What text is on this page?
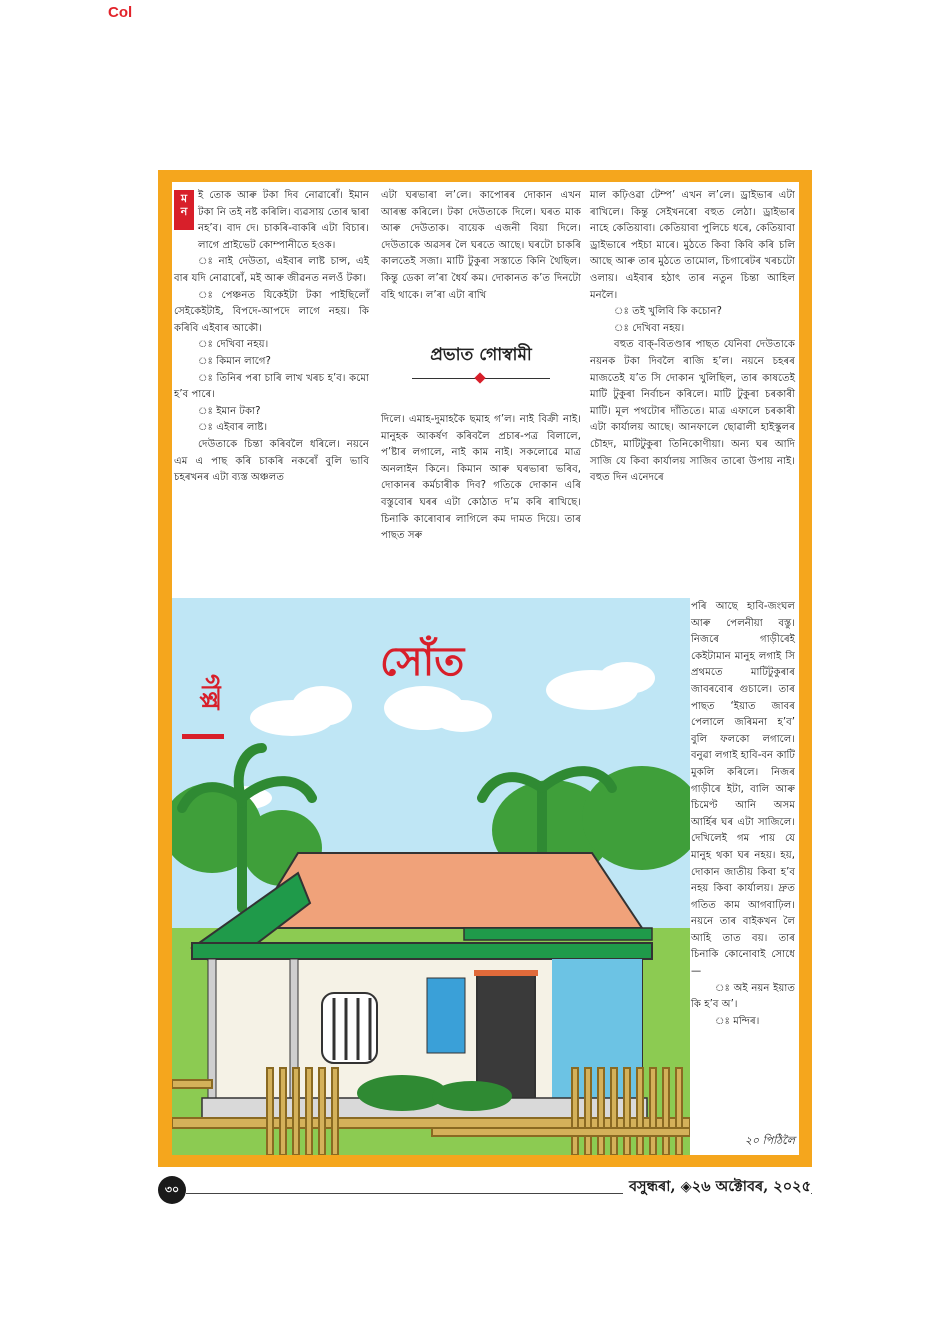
Col
ম
ন

ই তোক আৰু টকা দিব নোৱাৰোঁ। ইমান টকা নি তই নষ্ট কৰিলি। ব্যৱসায় তোৰ দ্বাৰা নহ’ব। বাদ দে। চাকৰি-বাকৰি এটা বিচাৰ। লাগে প্ৰাইভেট কোম্পানীতে হওক।

ঃ নাই দেউতা, এইবাৰ লাষ্ট চান্স, এই বাৰ যদি নোৱাৰোঁ, মই আৰু জীৱনত নলওঁ টকা।

ঃ পেঞ্চনত যিকেইটা টকা পাইছিলোঁ সেইকেইটাই, বিপদে-আপদে লাগে নহয়। কি কৰিবি এইবাৰ আকৌ।

ঃ দেখিবা নহয়।

ঃ কিমান লাগে?

ঃ তিনিৰ পৰা চাৰি লাখ খৰচ হ’ব। কমো হ’ব পাৰে।

ঃ ইমান টকা?

ঃ এইবাৰ লাষ্ট।

দেউতাকে চিন্তা কৰিবলৈ ধৰিলে। নয়নে এম এ পাছ কৰি চাকৰি নকৰোঁ বুলি ভাবি চহৰখনৰ এটা ব্যস্ত অঞ্চলত

এটা ঘৰভাৰা ল’লে। কাপোৰৰ দোকান এখন আৰম্ভ কৰিলে। টকা দেউতাকে দিলে। ঘৰত মাক আৰু দেউতাক। বায়েক এজনী বিয়া দিলে। দেউতাকে অৱসৰ লৈ ঘৰতে আছে। ঘৰটো চাকৰি কালতেই সজা। মাটি টুকুৰা সস্তাতে কিনি থৈছিল। কিন্তু ডেকা ল’ৰা ধৈৰ্য কম। দোকানত ক’ত দিনটো বহি থাকে। ল’ৰা এটা ৰাখি

প্ৰভাত গোস্বামী

দিলে। এমাহ-দুমাহকৈ ছমাহ গ’ল। নাই বিক্ৰী নাই। মানুহক আকৰ্ষণ কৰিবলৈ প্ৰচাৰ-পত্ৰ বিলালে, প’ষ্টাৰ লগালে, নাই কাম নাই। সকলোৱে মাত্ৰ অনলাইন কিনে। কিমান আৰু ঘৰভাৰা ভৰিব, দোকানৰ কৰ্মচাৰীক দিব? গতিকে দোকান এৰি বস্তুবোৰ ঘৰৰ এটা কোঠাত দ’ম কৰি ৰাখিছে। চিনাকি কাৰোবাৰ লাগিলে কম দামত দিয়ে। তাৰ পাছত সৰু

মাল কঢ়িওৱা টেম্প’ এখন ল’লে। ড্ৰাইভাৰ এটা ৰাখিলে। কিন্তু সেইখনৰো বহুত লেঠা। ড্ৰাইভাৰ নাহে কেতিয়াবা। কেতিয়াবা পুলিচে ধৰে, কেতিয়াবা ড্ৰাইভাৰে পইচা মাৰে। মুঠতে কিবা কিবি কৰি চলি আছে আৰু তাৰ মুঠতে তামোল, চিগাৰেটৰ খৰচটো ওলায়। এইবাৰ হঠাৎ তাৰ নতুন চিন্তা আহিল মনলৈ।

ঃ তই খুলিবি কি কচোন?

ঃ দেখিবা নহয়।

বহুত বাক্-বিতণ্ডাৰ পাছত যেনিবা দেউতাকে নয়নক টকা দিবলৈ ৰাজি হ’ল। নয়নে চহৰৰ মাজতেই য’ত সি দোকান খুলিছিল, তাৰ কাষতেই মাটি টুকুৰা নিৰ্বাচন কৰিলে। মাটি টুকুৰা চৰকাৰী মাটি। মূল পথটোৰ দাঁতিতে। মাত্ৰ এফালে চৰকাৰী এটা কাৰ্যালয় আছে। আনফালে ছোৱালী হাইস্কুলৰ চৌহদ, মাটিটুকুৰা তিনিকোণীয়া। অন্য ঘৰ আদি সাজি যে কিবা কাৰ্যালয় সাজিব তাৰো উপায় নাই। বহুত দিন এনেদৰে

পৰি আছে হাবি-জংঘল আৰু পেলনীয়া বস্তু। নিজৰে গাড়ীৰেই কেইটামান মানুহ লগাই সি প্ৰথমতে মাটিটুকুৰাৰ জাবৰবোৰ গুচালে। তাৰ পাছত ‘ইয়াত জাবৰ পেলালে জৰিমনা হ’ব’ বুলি ফলকো লগালে। বনুৱা লগাই হাবি-বন কাটি মুকলি কৰিলে। নিজৰ গাড়ীৰে ইটা, বালি আৰু চিমেণ্ট আনি অসম আৰ্হিৰ ঘৰ এটা সাজিলে। দেখিলেই গম পায় যে মানুহ থকা ঘৰ নহয়। হয়, দোকান জাতীয় কিবা হ’ব নহয় কিবা কাৰ্যালয়। দ্ৰুত গতিত কাম আগবাঢ়িল। নয়নে তাৰ বাইকখন লৈ আহি তাত বয়। তাৰ চিনাকি কোনোবাই সোধে—

ঃ অই নয়ন ইয়াত কি হ’ব অ’।

ঃ মন্দিৰ।

সোঁত
গল্প
২০ পিঠিলৈ
৩০	বসুন্ধৰা, ◈২৬ অক্টোবৰ, ২০২৫
